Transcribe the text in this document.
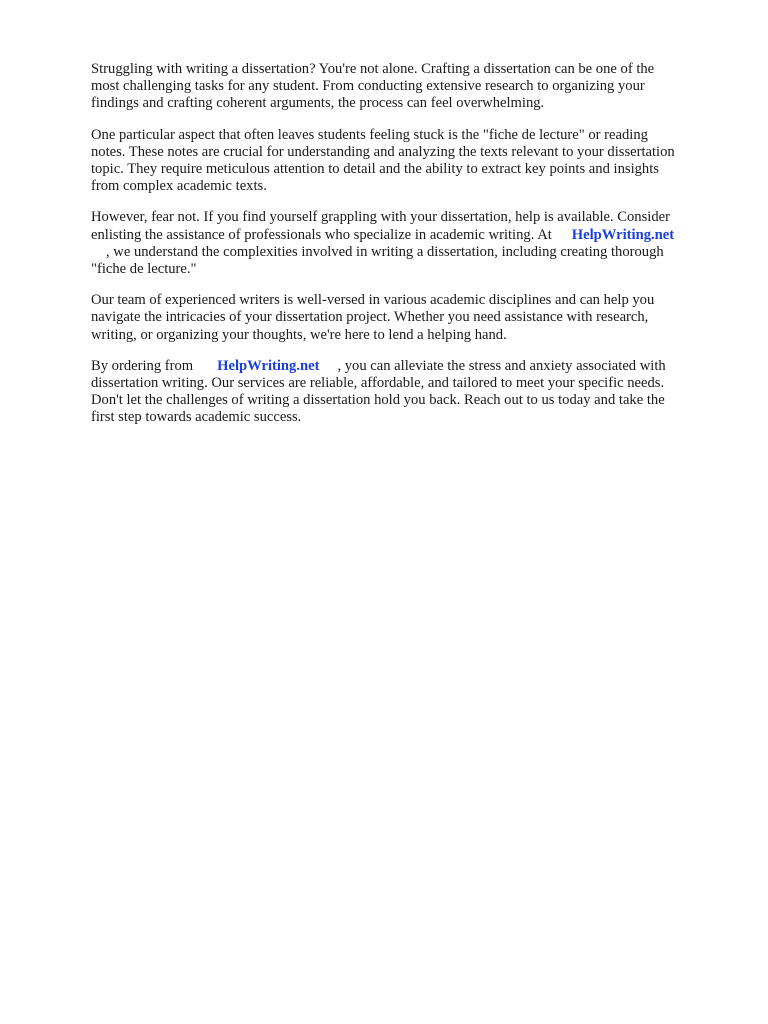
Struggling with writing a dissertation? You're not alone. Crafting a dissertation can be one of the
most challenging tasks for any student. From conducting extensive research to organizing your
findings and crafting coherent arguments, the process can feel overwhelming.

One particular aspect that often leaves students feeling stuck is the "fiche de lecture" or reading
notes. These notes are crucial for understanding and analyzing the texts relevant to your dissertation
topic. They require meticulous attention to detail and the ability to extract key points and insights
from complex academic texts.

However, fear not. If you find yourself grappling with your dissertation, help is available. Consider
enlisting the assistance of professionals who specialize in academic writing. At HelpWriting.net
, we understand the complexities involved in writing a dissertation, including creating thorough
"fiche de lecture."

Our team of experienced writers is well-versed in various academic disciplines and can help you
navigate the intricacies of your dissertation project. Whether you need assistance with research,
writing, or organizing your thoughts, we're here to lend a helping hand.

By ordering from HelpWriting.net , you can alleviate the stress and anxiety associated with
dissertation writing. Our services are reliable, affordable, and tailored to meet your specific needs.
Don't let the challenges of writing a dissertation hold you back. Reach out to us today and take the
first step towards academic success.
